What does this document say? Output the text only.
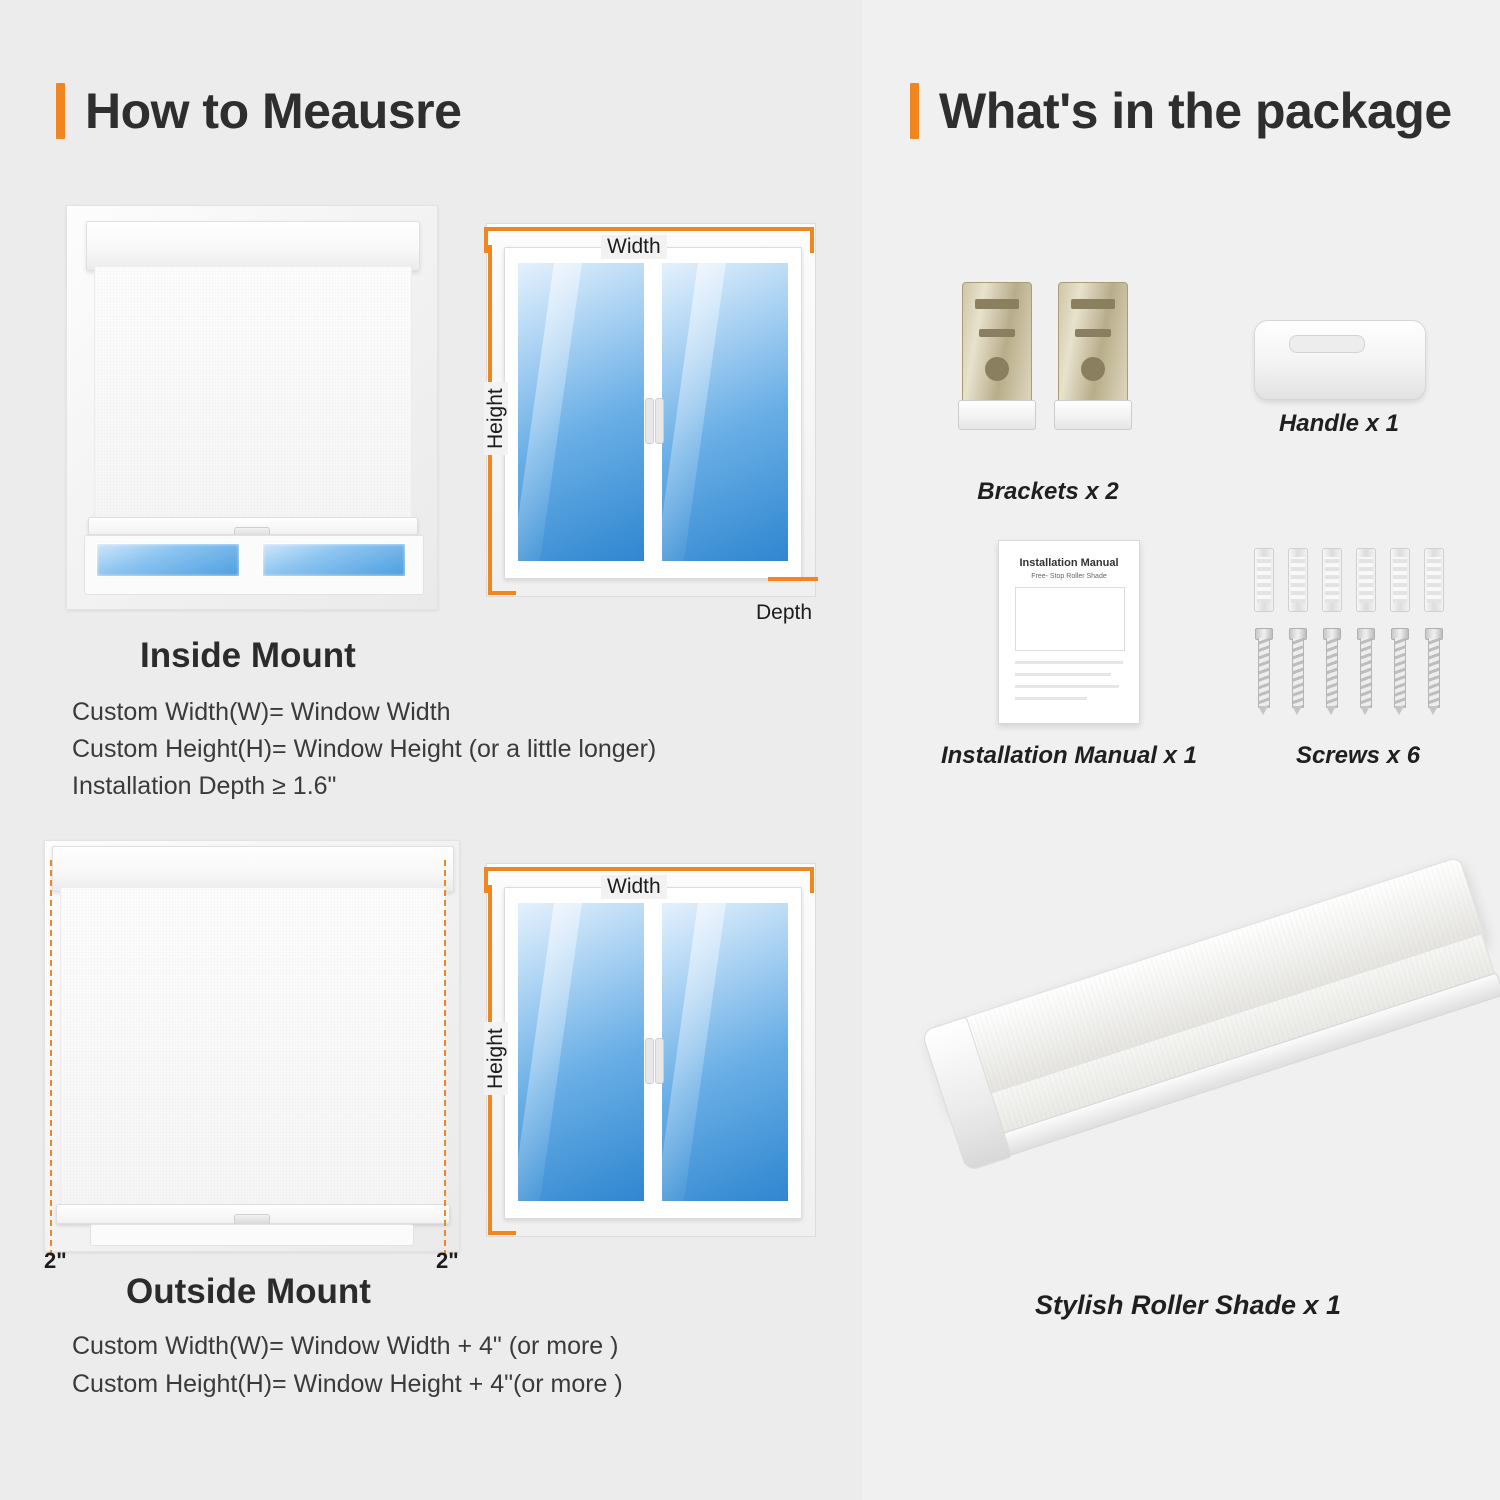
How to Meausre
Width
Height
Depth
Inside Mount
Custom Width(W)= Window Width
Custom Height(H)= Window Height (or a little longer)
Installation Depth ≥ 1.6"
2"	2"
Width
Height
Outside Mount
Custom Width(W)= Window Width + 4" (or more )
Custom Height(H)= Window Height + 4"(or more )
What's in the package
Brackets x 2
Handle x 1
Installation Manual
Free- Stop Roller Shade
Installation Manual x 1	Screws x 6
Stylish Roller Shade x 1
